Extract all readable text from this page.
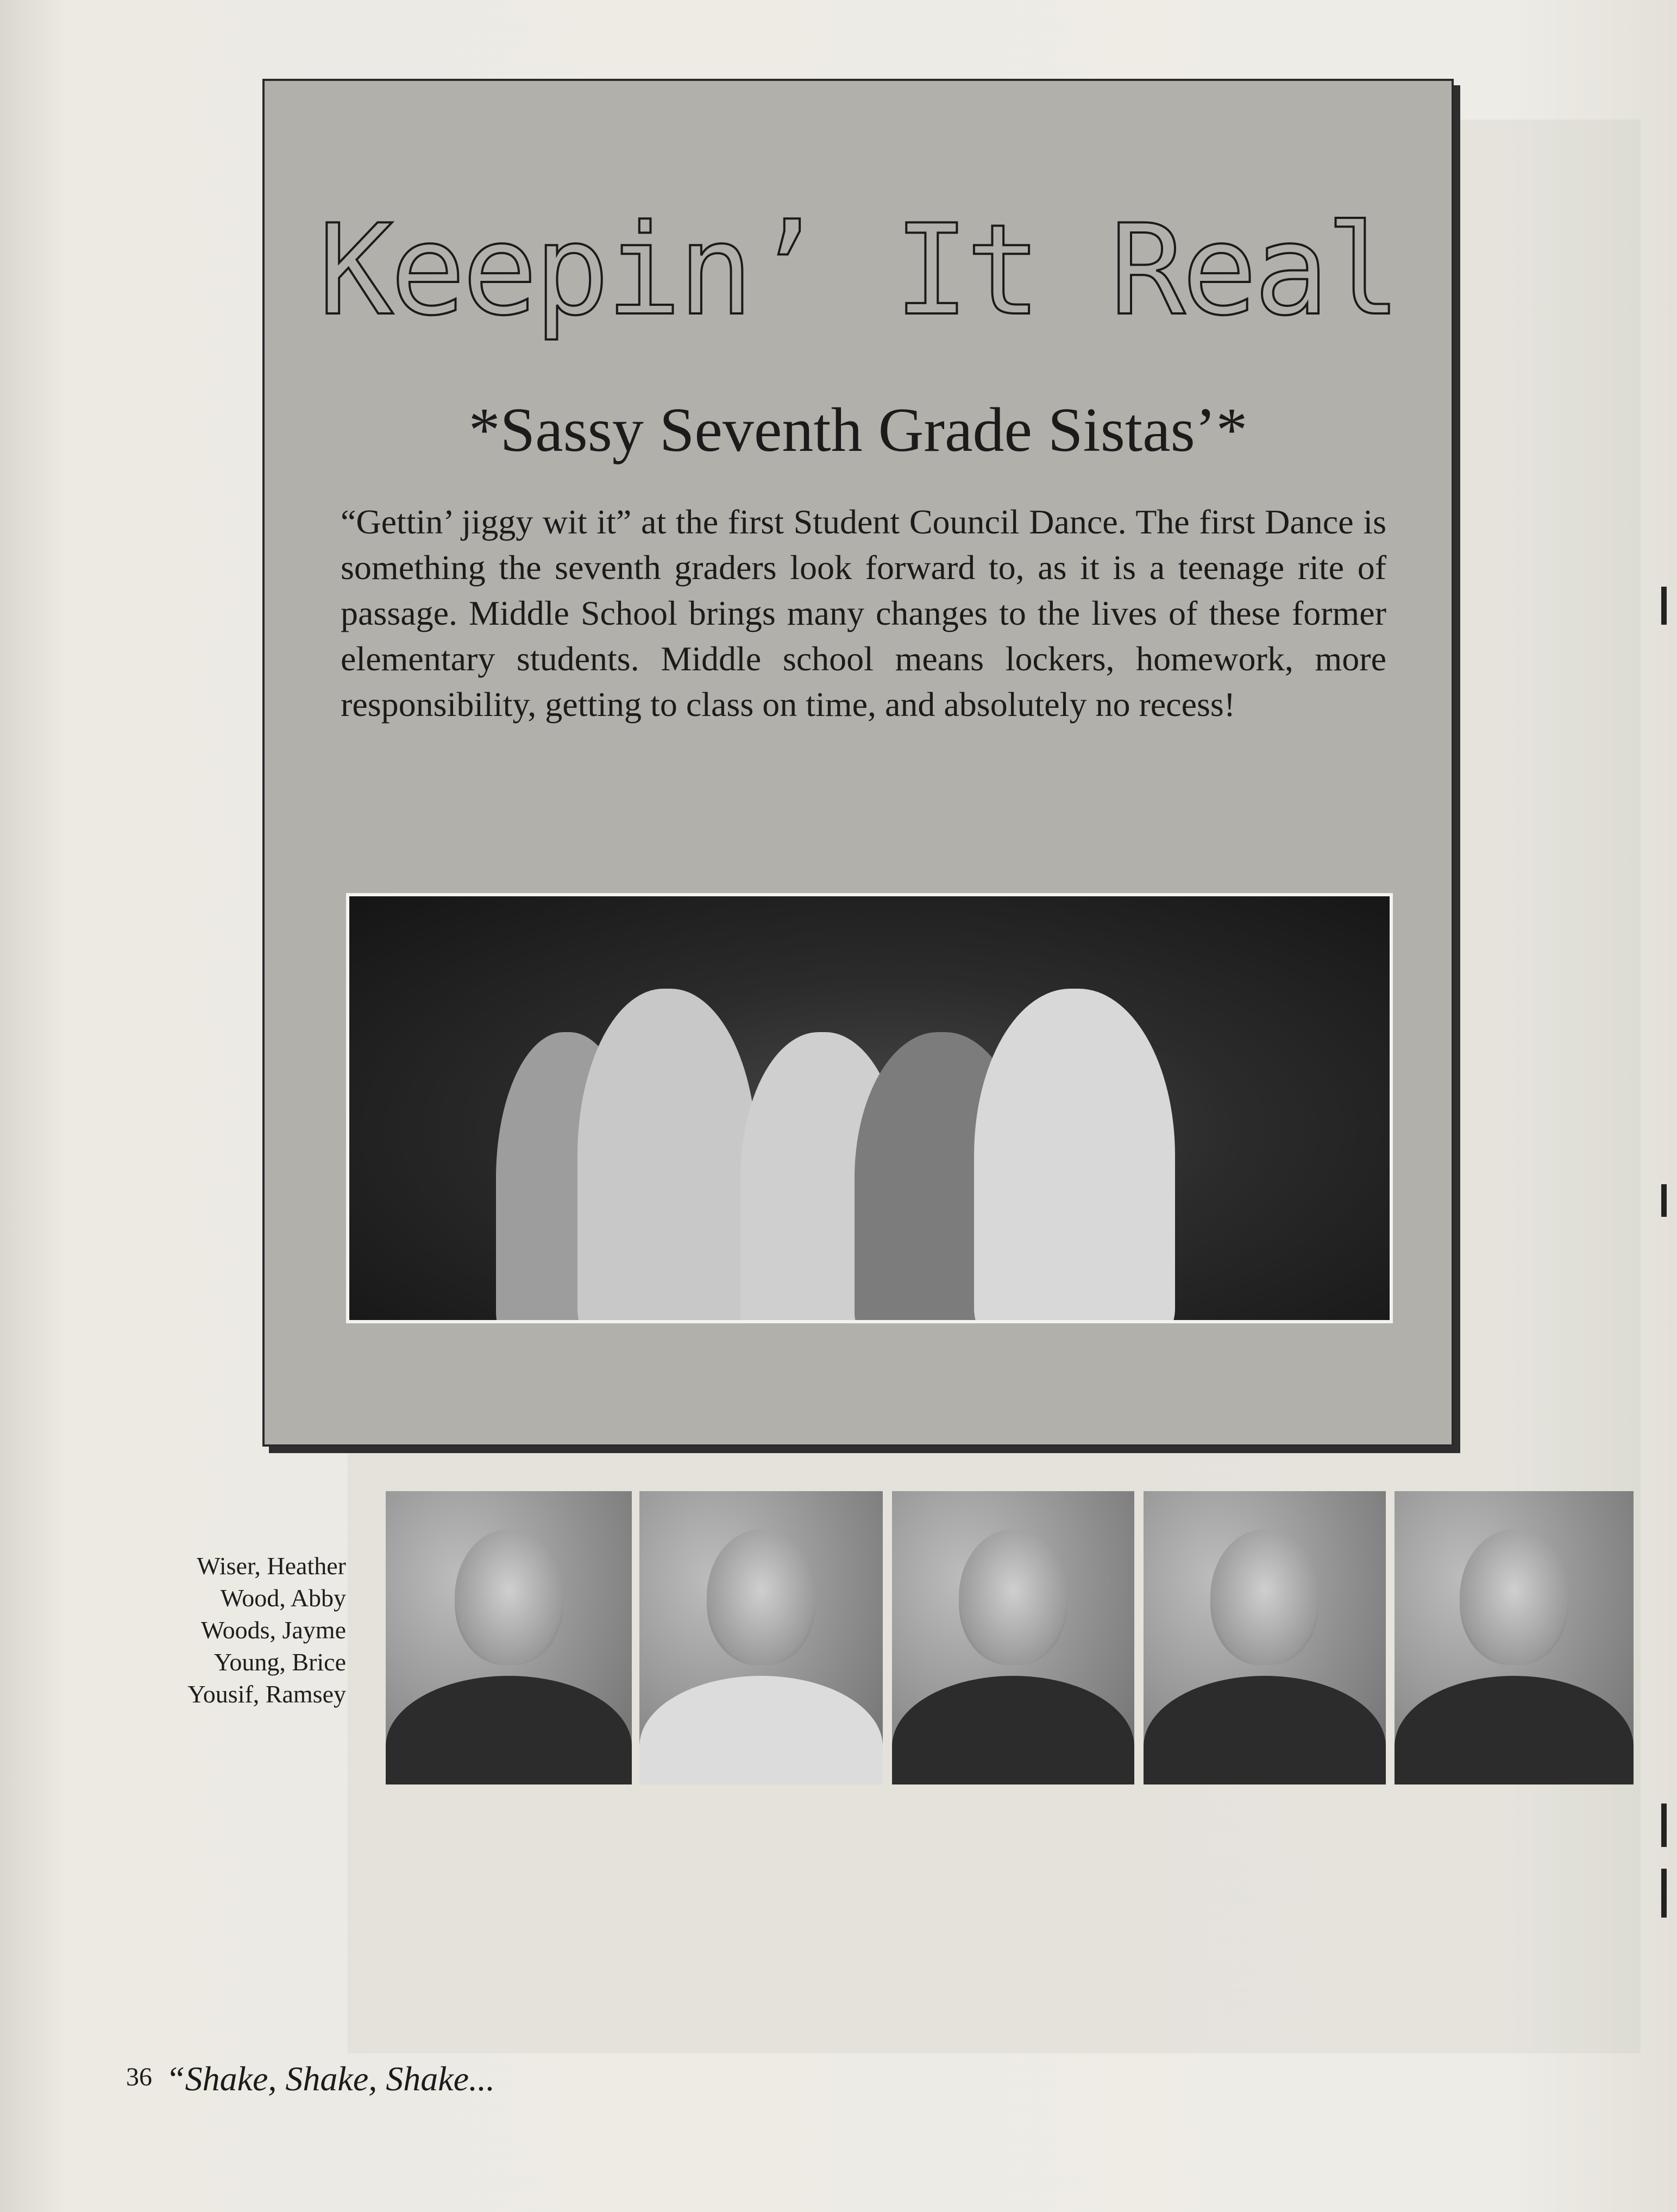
Keepin’ It Real
*Sassy Seventh Grade Sistas’*

“Gettin’ jiggy wit it” at the first Student Council Dance. The first Dance is something the seventh graders look forward to, as it is a teenage rite of passage. Middle School brings many changes to the lives of these former elementary students. Middle school means lockers, homework, more responsibility, getting to class on time, and absolutely no recess!

Wiser, Heather
Wood, Abby
Woods, Jayme
Young, Brice
Yousif, Ramsey
36 “Shake, Shake, Shake...
